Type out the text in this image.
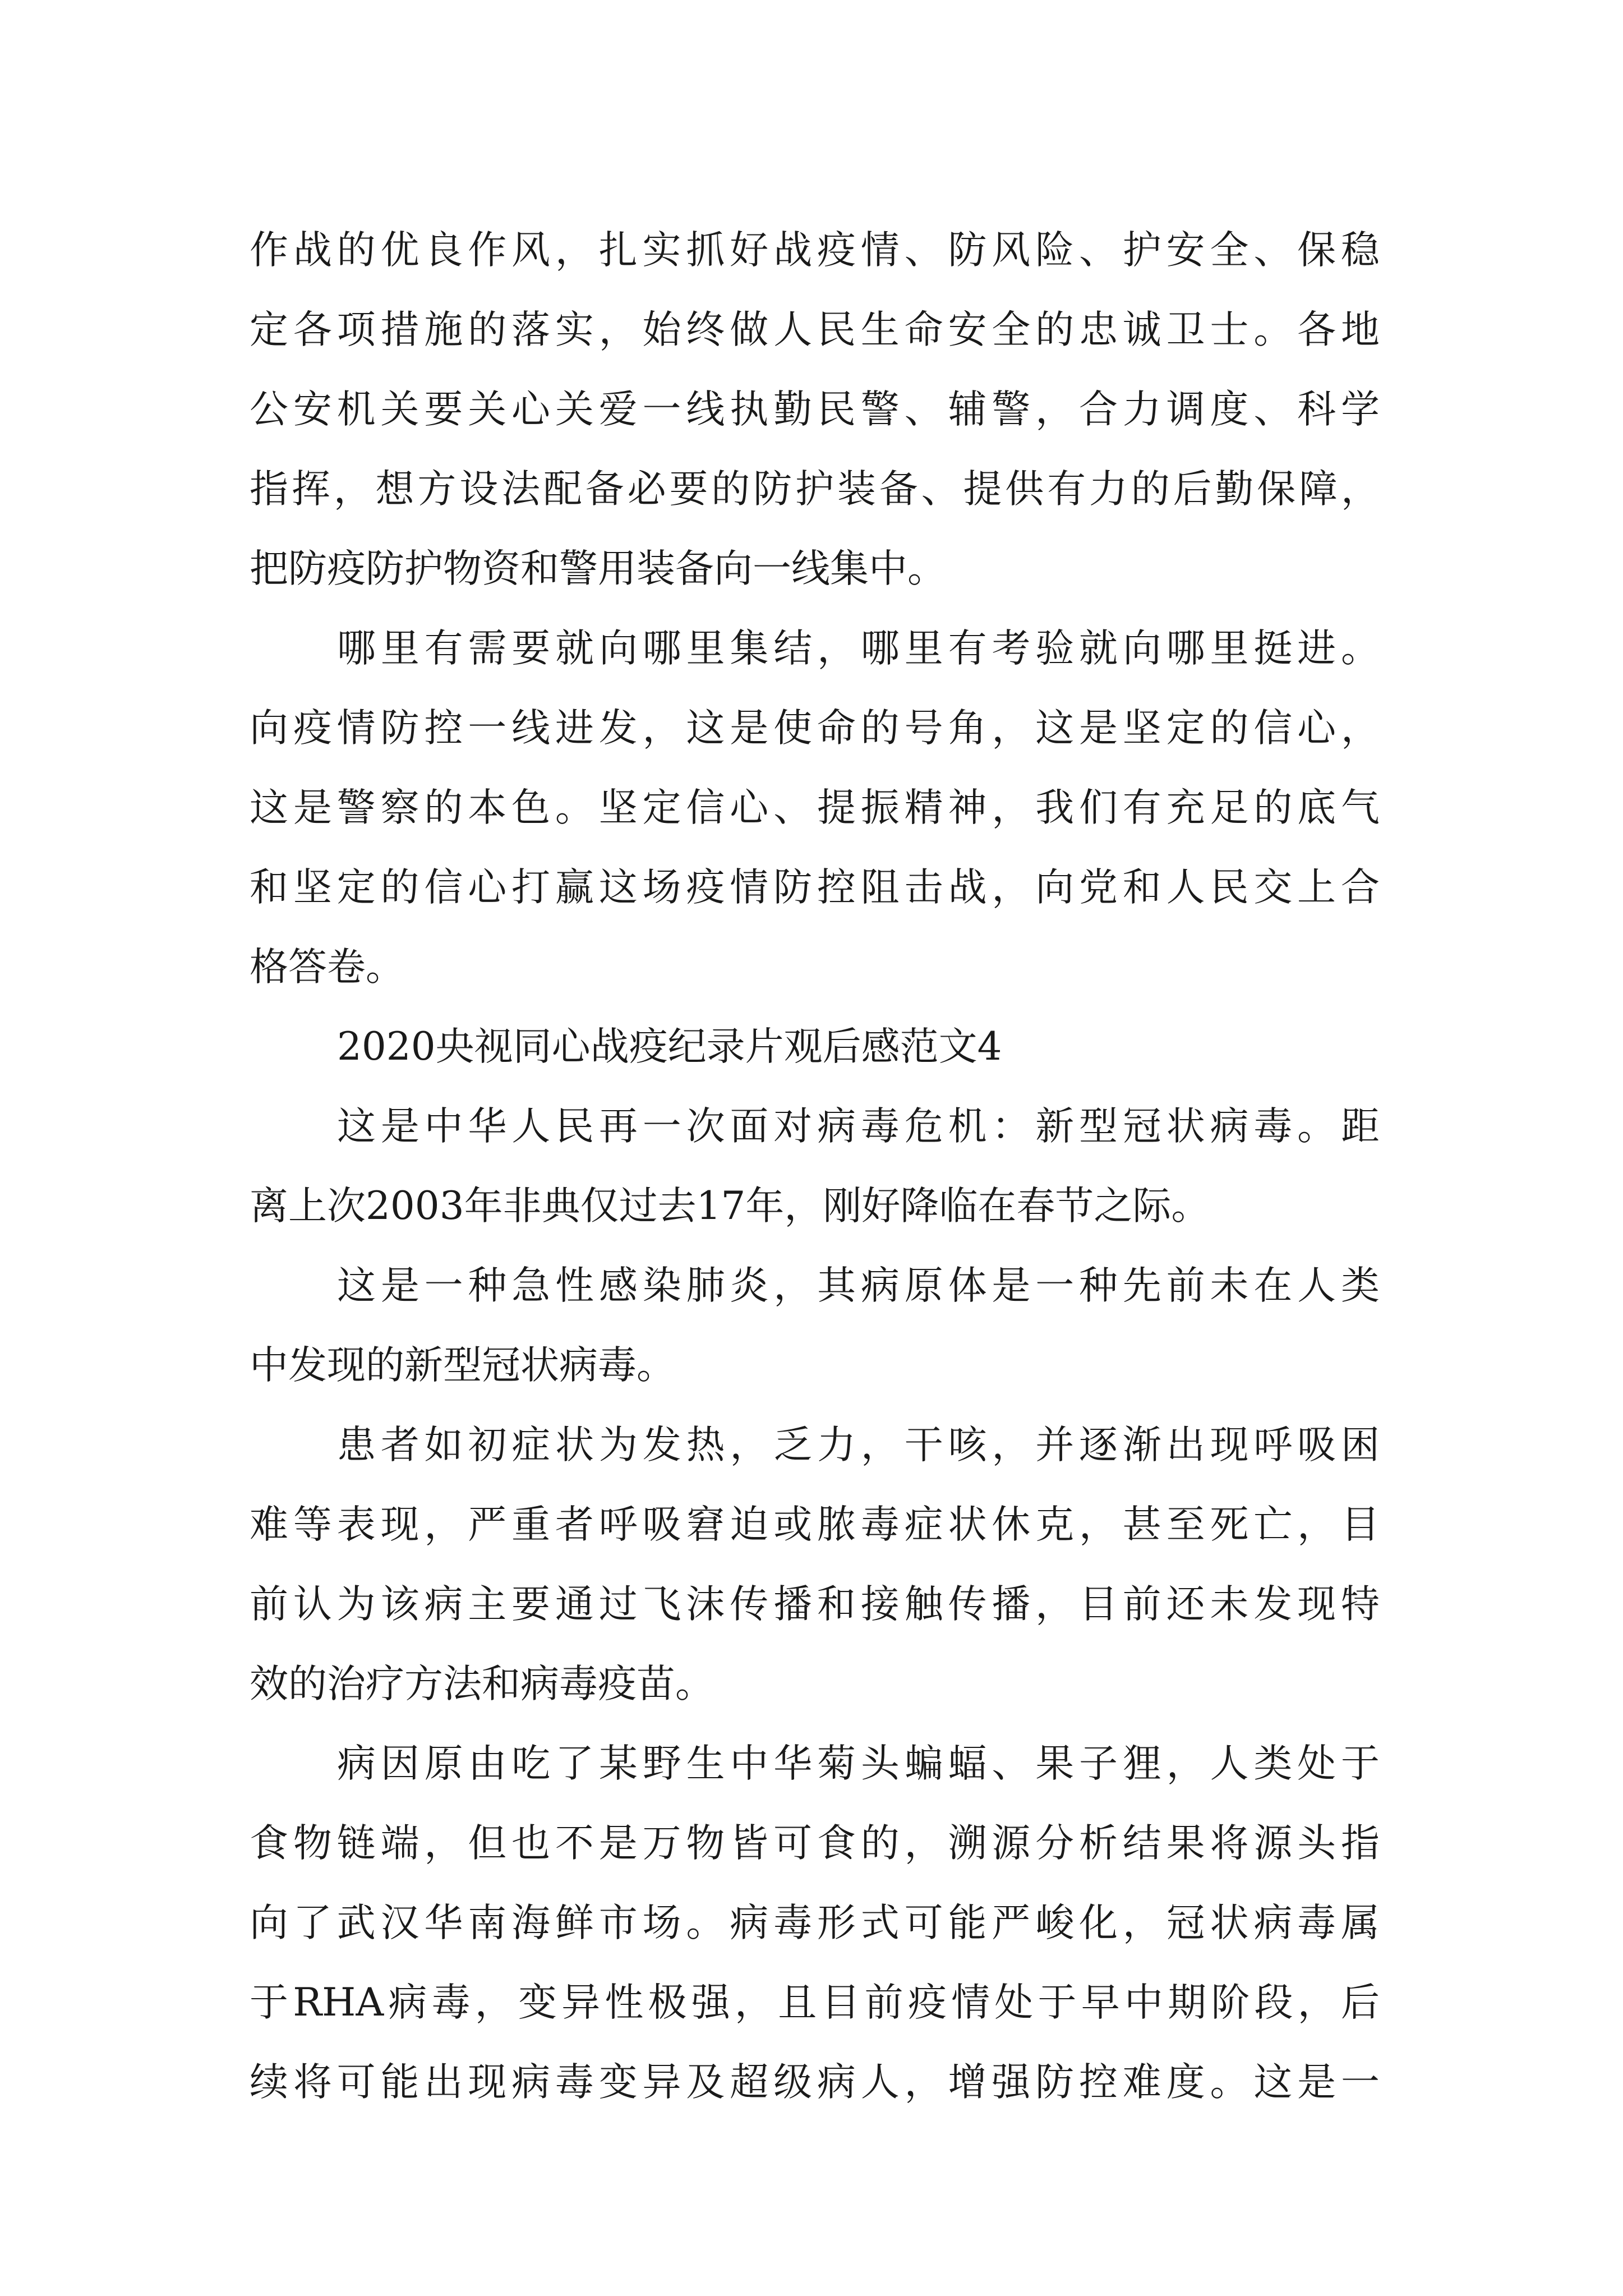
作战的优良作风，扎实抓好战疫情、防风险、护安全、保稳
定各项措施的落实，始终做人民生命安全的忠诚卫士。各地
公安机关要关心关爱一线执勤民警、辅警，合力调度、科学
指挥，想方设法配备必要的防护装备、提供有力的后勤保障，
把防疫防护物资和警用装备向一线集中。
哪里有需要就向哪里集结，哪里有考验就向哪里挺进。
向疫情防控一线进发，这是使命的号角，这是坚定的信心，
这是警察的本色。坚定信心、提振精神，我们有充足的底气
和坚定的信心打赢这场疫情防控阻击战，向党和人民交上合
格答卷。
2020央视同心战疫纪录片观后感范文4
这是中华人民再一次面对病毒危机：新型冠状病毒。距
离上次2003年非典仅过去17年，刚好降临在春节之际。
这是一种急性感染肺炎，其病原体是一种先前未在人类
中发现的新型冠状病毒。
患者如初症状为发热，乏力，干咳，并逐渐出现呼吸困
难等表现，严重者呼吸窘迫或脓毒症状休克，甚至死亡，目
前认为该病主要通过飞沫传播和接触传播，目前还未发现特
效的治疗方法和病毒疫苗。
病因原由吃了某野生中华菊头蝙蝠、果子狸，人类处于
食物链端，但也不是万物皆可食的，溯源分析结果将源头指
向了武汉华南海鲜市场。病毒形式可能严峻化，冠状病毒属
于RHA病毒，变异性极强，且目前疫情处于早中期阶段，后
续将可能出现病毒变异及超级病人，增强防控难度。这是一
